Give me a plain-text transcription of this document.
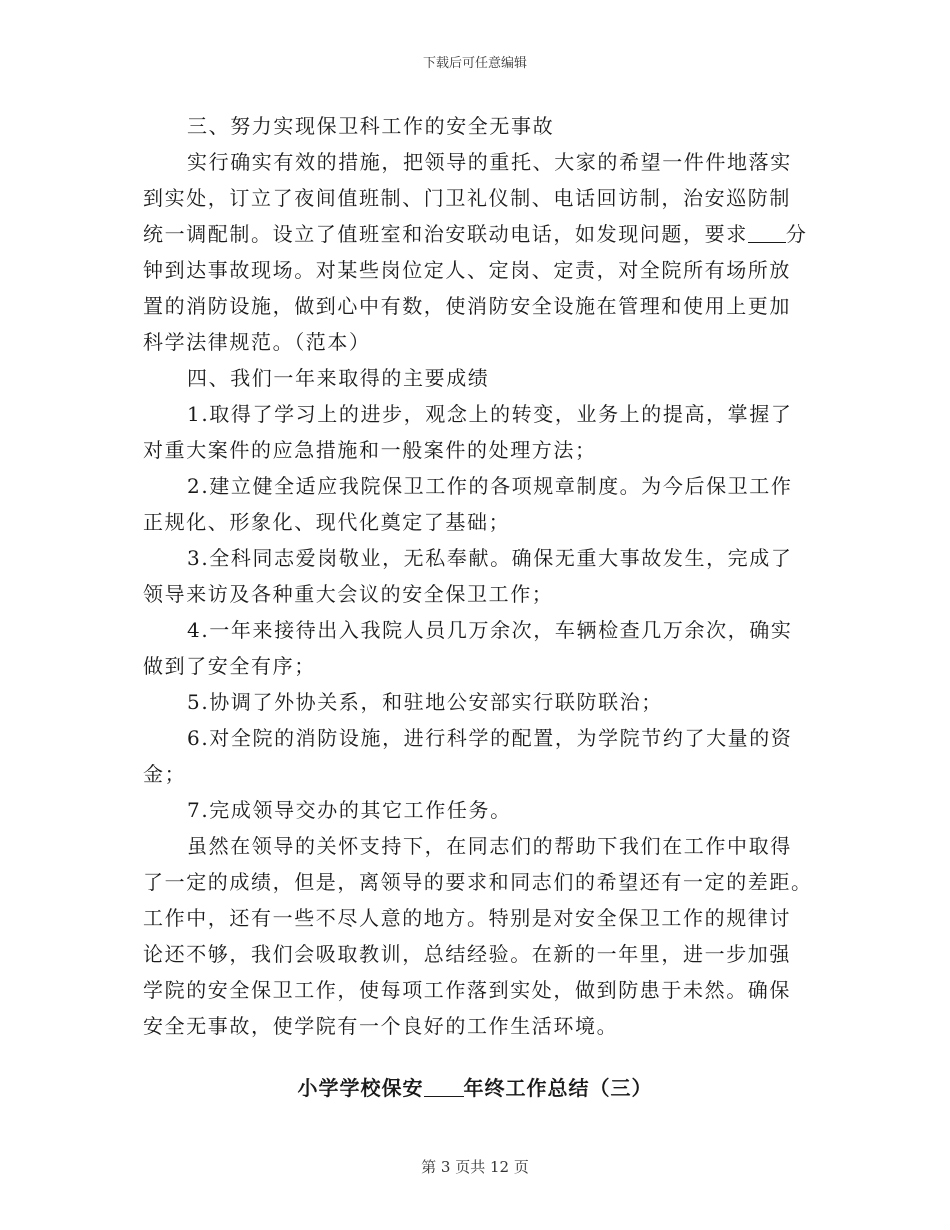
下载后可任意编辑
三、努力实现保卫科工作的安全无事故
实行确实有效的措施，把领导的重托、大家的希望一件件地落实
到实处，订立了夜间值班制、门卫礼仪制、电话回访制，治安巡防制
统一调配制。设立了值班室和治安联动电话，如发现问题，要求 分
钟到达事故现场。对某些岗位定人、定岗、定责，对全院所有场所放
置的消防设施，做到心中有数，使消防安全设施在管理和使用上更加
科学法律规范。（范本）
四、我们一年来取得的主要成绩
1.取得了学习上的进步，观念上的转变，业务上的提高，掌握了
对重大案件的应急措施和一般案件的处理方法；
2.建立健全适应我院保卫工作的各项规章制度。为今后保卫工作
正规化、形象化、现代化奠定了基础；
3.全科同志爱岗敬业，无私奉献。确保无重大事故发生，完成了
领导来访及各种重大会议的安全保卫工作；
4.一年来接待出入我院人员几万余次，车辆检查几万余次，确实
做到了安全有序；
5.协调了外协关系，和驻地公安部实行联防联治；
6.对全院的消防设施，进行科学的配置，为学院节约了大量的资
金；
7.完成领导交办的其它工作任务。
虽然在领导的关怀支持下，在同志们的帮助下我们在工作中取得
了一定的成绩，但是，离领导的要求和同志们的希望还有一定的差距。
工作中，还有一些不尽人意的地方。特别是对安全保卫工作的规律讨
论还不够，我们会吸取教训，总结经验。在新的一年里，进一步加强
学院的安全保卫工作，使每项工作落到实处，做到防患于未然。确保
安全无事故，使学院有一个良好的工作生活环境。
小学学校保安 年终工作总结（三）
第 3 页共 12 页
